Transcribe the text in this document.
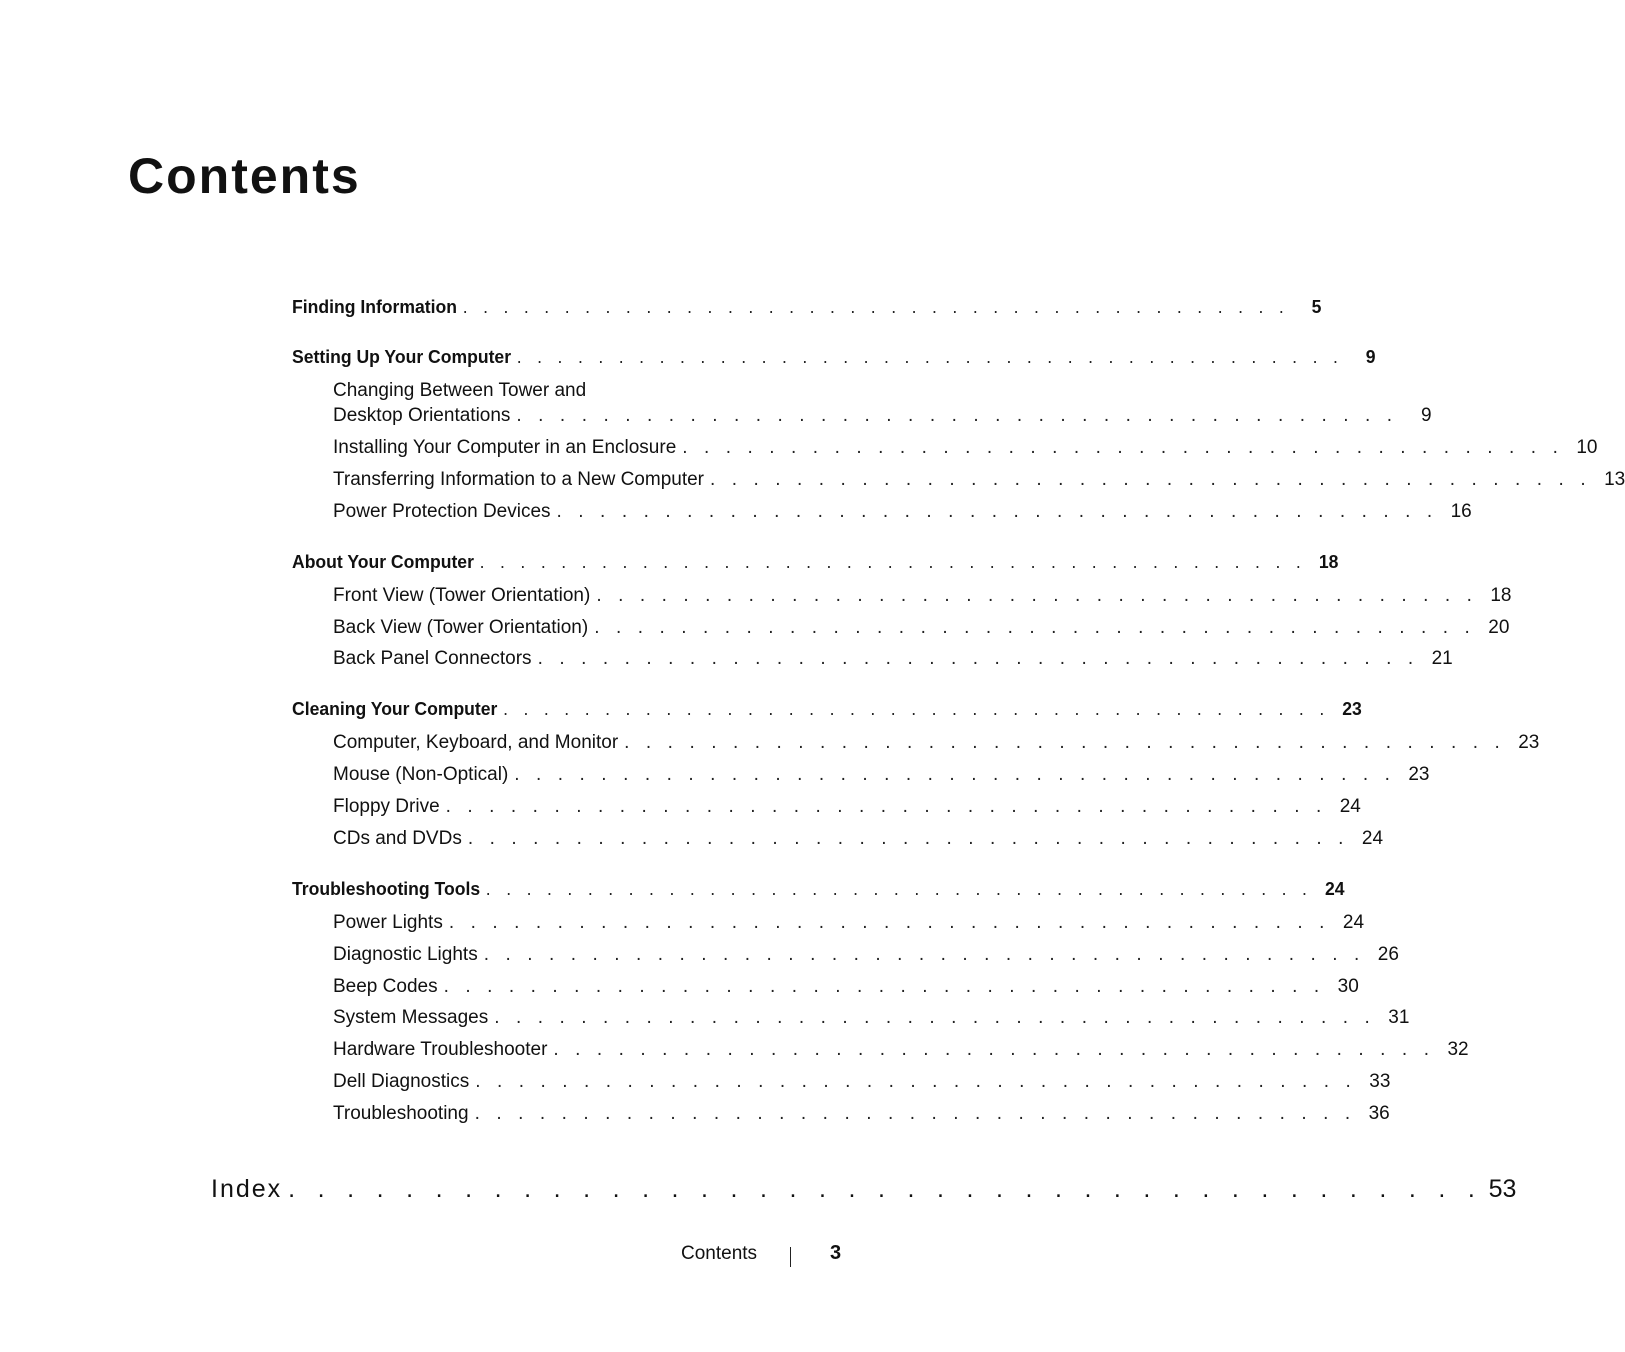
Contents
Finding Information . . . . . . . . . . . . . . . . . . . . . . . . . . . . . . . . . . . . . . . . .	5
Setting Up Your Computer . . . . . . . . . . . . . . . . . . . . . . . . . . . . . . . . . . . . . . . . .	9
Changing Between Tower and
Desktop Orientations . . . . . . . . . . . . . . . . . . . . . . . . . . . . . . . . . . . . . . . . .	9
Installing Your Computer in an Enclosure . . . . . . . . . . . . . . . . . . . . . . . . . . . . . . . . . . . . . . . . . 10
Transferring Information to a New Computer . . . . . . . . . . . . . . . . . . . . . . . . . . . . . . . . . . . . . . . . . 13
Power Protection Devices . . . . . . . . . . . . . . . . . . . . . . . . . . . . . . . . . . . . . . . . . 16
About Your Computer . . . . . . . . . . . . . . . . . . . . . . . . . . . . . . . . . . . . . . . . . 18
Front View (Tower Orientation) . . . . . . . . . . . . . . . . . . . . . . . . . . . . . . . . . . . . . . . . . 18
Back View (Tower Orientation) . . . . . . . . . . . . . . . . . . . . . . . . . . . . . . . . . . . . . . . . . 20
Back Panel Connectors . . . . . . . . . . . . . . . . . . . . . . . . . . . . . . . . . . . . . . . . . 21
Cleaning Your Computer . . . . . . . . . . . . . . . . . . . . . . . . . . . . . . . . . . . . . . . . . 23
Computer, Keyboard, and Monitor . . . . . . . . . . . . . . . . . . . . . . . . . . . . . . . . . . . . . . . . . 23
Mouse (Non-Optical) . . . . . . . . . . . . . . . . . . . . . . . . . . . . . . . . . . . . . . . . . 23
Floppy Drive . . . . . . . . . . . . . . . . . . . . . . . . . . . . . . . . . . . . . . . . . 24
CDs and DVDs . . . . . . . . . . . . . . . . . . . . . . . . . . . . . . . . . . . . . . . . . 24
Troubleshooting Tools . . . . . . . . . . . . . . . . . . . . . . . . . . . . . . . . . . . . . . . . . 24
Power Lights . . . . . . . . . . . . . . . . . . . . . . . . . . . . . . . . . . . . . . . . . 24
Diagnostic Lights . . . . . . . . . . . . . . . . . . . . . . . . . . . . . . . . . . . . . . . . . 26
Beep Codes . . . . . . . . . . . . . . . . . . . . . . . . . . . . . . . . . . . . . . . . . 30
System Messages . . . . . . . . . . . . . . . . . . . . . . . . . . . . . . . . . . . . . . . . . 31
Hardware Troubleshooter . . . . . . . . . . . . . . . . . . . . . . . . . . . . . . . . . . . . . . . . . 32
Dell Diagnostics . . . . . . . . . . . . . . . . . . . . . . . . . . . . . . . . . . . . . . . . . 33
Troubleshooting . . . . . . . . . . . . . . . . . . . . . . . . . . . . . . . . . . . . . . . . . 36
Index . . . . . . . . . . . . . . . . . . . . . . . . . . . . . . . . . . . . . . . . . 53
Contents	3
